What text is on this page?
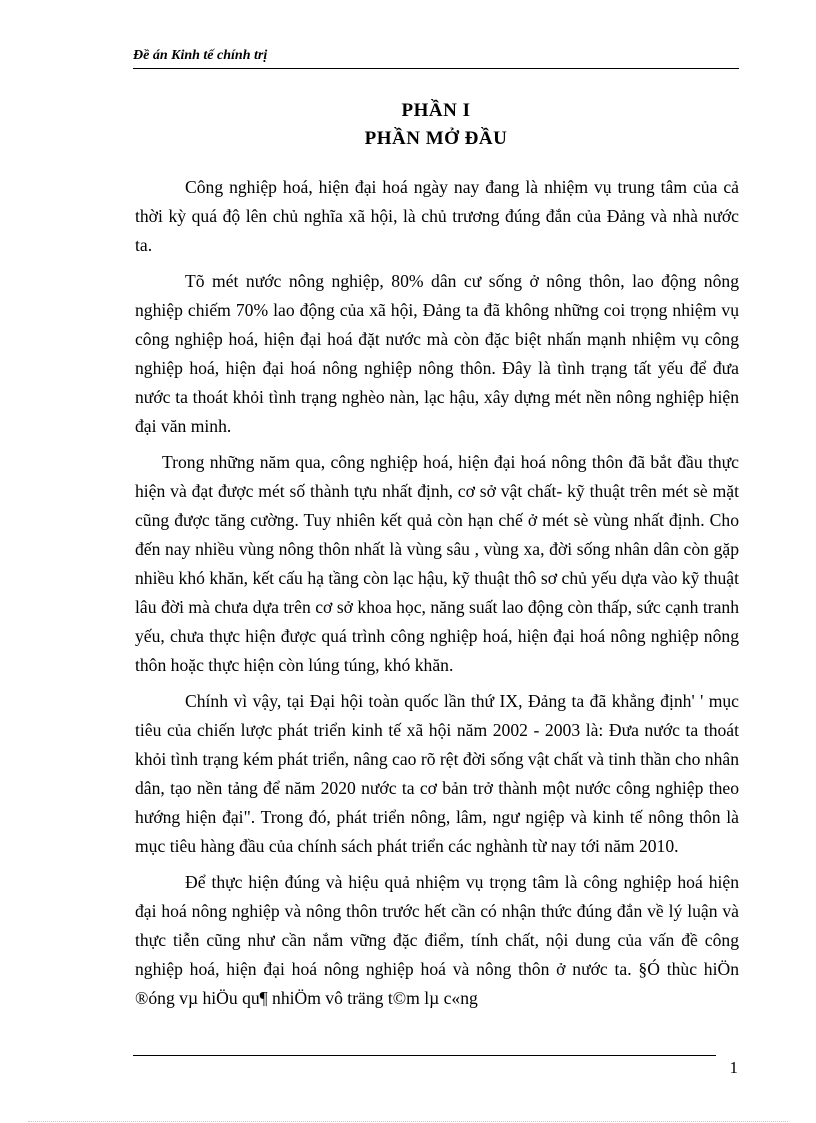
Đề án Kinh tế chính trị
PHẦN I
PHẦN MỞ ĐẦU

Công nghiệp hoá, hiện đại hoá ngày nay đang là nhiệm vụ trung tâm của cả thời kỳ quá độ lên chủ nghĩa xã hội, là chủ trương đúng đắn của Đảng và nhà nước ta.

Tõ mét nước nông nghiệp, 80% dân cư sống ở nông thôn, lao động nông nghiệp chiếm 70% lao động của xã hội, Đảng ta đã không những coi trọng nhiệm vụ công nghiệp hoá, hiện đại hoá đặt nước mà còn đặc biệt nhấn mạnh nhiệm vụ công nghiệp hoá, hiện đại hoá nông nghiệp nông thôn. Đây là tình trạng tất yếu để đưa nước ta thoát khỏi tình trạng nghèo nàn, lạc hậu, xây dựng mét nền nông nghiệp hiện đại văn minh.

Trong những năm qua, công nghiệp hoá, hiện đại hoá nông thôn đã bắt đầu thực hiện và đạt được mét số thành tựu nhất định, cơ sở vật chất- kỹ thuật trên mét sè mặt cũng được tăng cường. Tuy nhiên kết quả còn hạn chế ở mét sè vùng nhất định. Cho đến nay nhiều vùng nông thôn nhất là vùng sâu , vùng xa, đời sống nhân dân còn gặp nhiều khó khăn, kết cấu hạ tầng còn lạc hậu, kỹ thuật thô sơ chủ yếu dựa vào kỹ thuật lâu đời mà chưa dựa trên cơ sở khoa học, năng suất lao động còn thấp, sức cạnh tranh yếu, chưa thực hiện được quá trình công nghiệp hoá, hiện đại hoá nông nghiệp nông thôn hoặc thực hiện còn lúng túng, khó khăn.

Chính vì vậy, tại Đại hội toàn quốc lần thứ IX, Đảng ta đã khẳng định' ' mục tiêu của chiến lược phát triển kinh tế xã hội năm 2002 - 2003 là: Đưa nước ta thoát khỏi tình trạng kém phát triển, nâng cao rõ rệt đời sống vật chất và tinh thần cho nhân dân, tạo nền tảng để năm 2020 nước ta cơ bản trở thành một nước công nghiệp theo hướng hiện đại". Trong đó, phát triển nông, lâm, ngư ngiệp và kinh tế nông thôn là mục tiêu hàng đầu của chính sách phát triển các nghành từ nay tới năm 2010.

Để thực hiện đúng và hiệu quả nhiệm vụ trọng tâm là công nghiệp hoá hiện đại hoá nông nghiệp và nông thôn trước hết cần có nhận thức đúng đắn về lý luận và thực tiễn cũng như cần nắm vững đặc điểm, tính chất, nội dung của vấn đề công nghiệp hoá, hiện đại hoá nông nghiệp hoá và nông thôn ở nước ta. §Ó thùc hiÖn ®óng vµ hiÖu qu¶ nhiÖm vô träng t©m lµ c«ng

1
